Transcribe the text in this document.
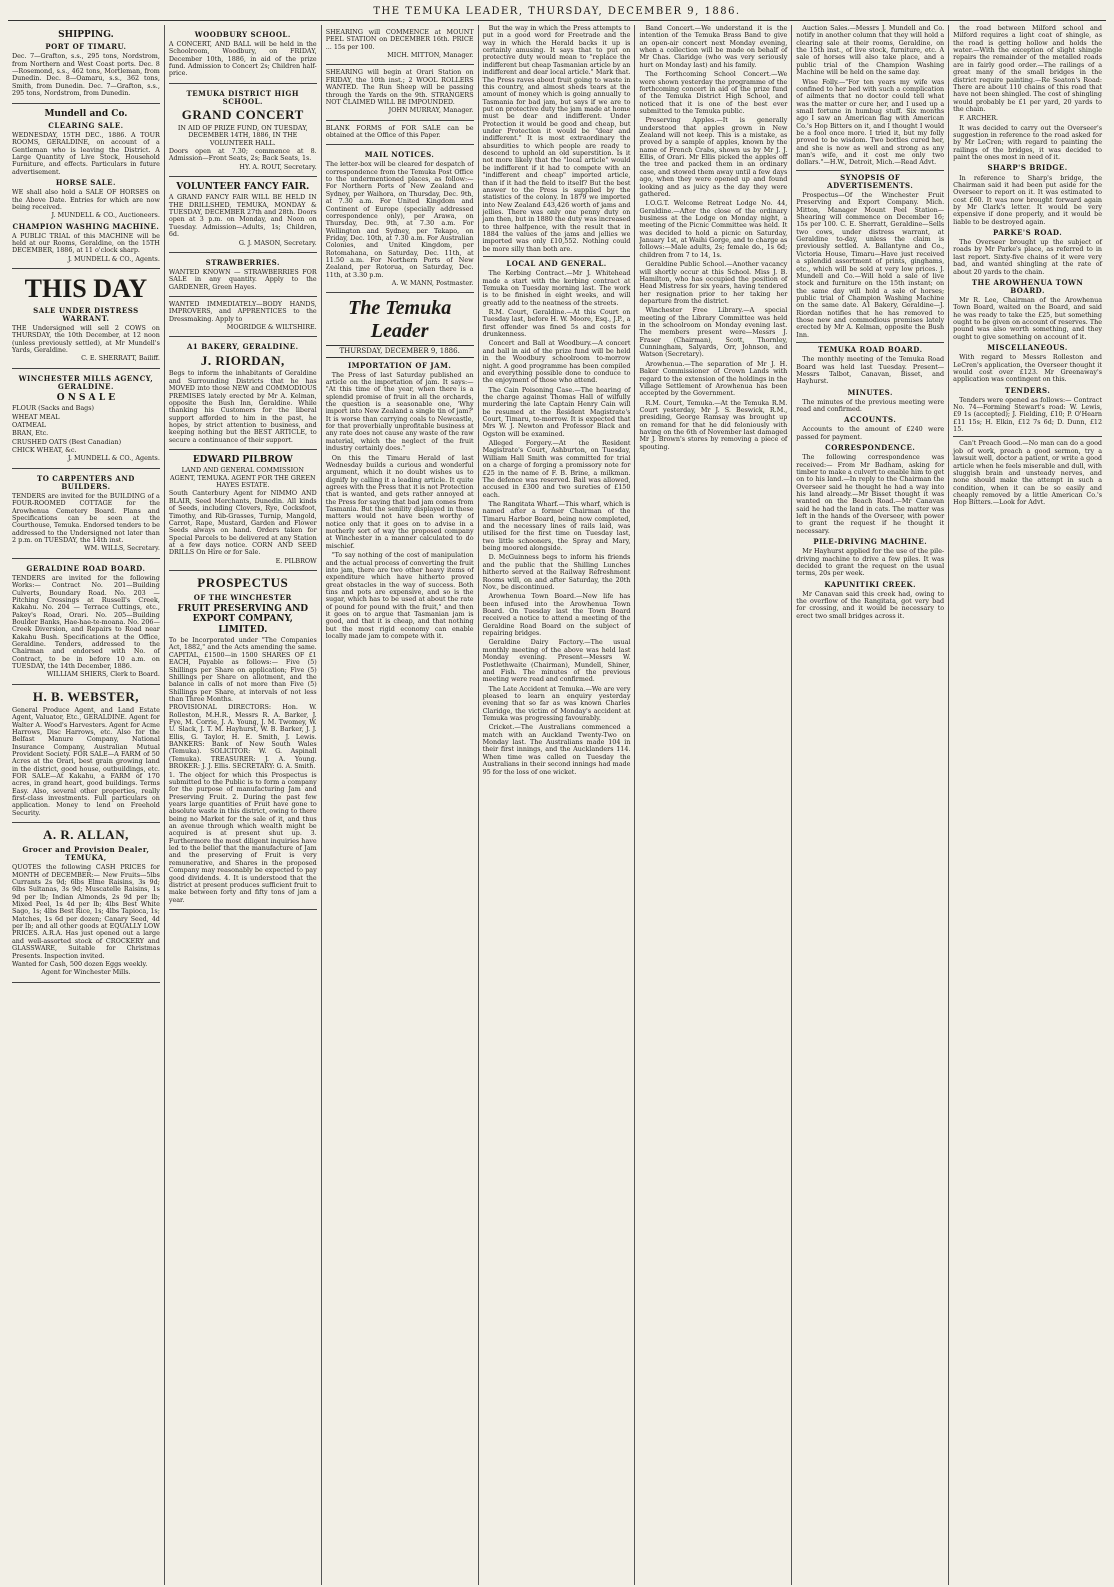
THE TEMUKA LEADER, THURSDAY, DECEMBER 9, 1886.
SHIPPING.
PORT OF TIMARU.

Dec. 7—Grafton, s.s., 295 tons, Nordstrom, from Northern and West Coast ports. Dec. 8—Rosemond, s.s., 462 tons, Mortleman, from Dunedin. Dec. 8—Oamaru, s.s., 362 tons, Smith, from Dunedin. Dec. 7—Grafton, s.s., 295 tons, Nordstrom, from Dunedin.

Mundell and Co.
CLEARING SALE.

WEDNESDAY, 15TH DEC., 1886. A TOUR ROOMS, GERALDINE, on account of a Gentleman who is leaving the District. A Large Quantity of Live Stock, Household Furniture, and effects. Particulars in future advertisement.

HORSE SALE.

WE shall also hold a SALE OF HORSES on the Above Date. Entries for which are now being received.

J. MUNDELL & CO., Auctioneers.

CHAMPION WASHING MACHINE.

A PUBLIC TRIAL of this MACHINE will be held at our Rooms, Geraldine, on the 15TH DECEMBER, 1886, at 11 o'clock sharp.

J. MUNDELL & CO., Agents.

THIS DAY
SALE UNDER DISTRESS WARRANT.

THE Undersigned will sell 2 COWS on THURSDAY, the 10th December, at 12 noon (unless previously settled), at Mr Mundell's Yards, Geraldine.

C. E. SHERRATT, Bailiff.

WINCHESTER MILLS AGENCY, GERALDINE.
O N S A L E
FLOUR (Sacks and Bags)
WHEAT MEAL
OATMEAL
BRAN, Etc.
CRUSHED OATS (Best Canadian)
CHICK WHEAT, &c.

J. MUNDELL & CO., Agents.

TO CARPENTERS AND BUILDERS.

TENDERS are invited for the BUILDING of a FOUR-ROOMED COTTAGE for the Arowhenua Cemetery Board. Plans and Specifications can be seen at the Courthouse, Temuka. Endorsed tenders to be addressed to the Undersigned not later than 2 p.m. on TUESDAY, the 14th inst.

WM. WILLS, Secretary.

GERALDINE ROAD BOARD.

TENDERS are invited for the following Works:— Contract No. 201—Building Culverts, Boundary Road. No. 203 — Pitching Crossings at Russell's Creek, Kakahu. No. 204 — Terrace Cuttings, etc., Pakey's Road, Orari. No. 205—Building Boulder Banks, Hae-hae-te-moana. No. 206—Creek Diversion, and Repairs to Road near Kakahu Bush. Specifications at the Office, Geraldine. Tenders, addressed to the Chairman and endorsed with No. of Contract, to be in before 10 a.m. on TUESDAY, the 14th December, 1886.

WILLIAM SHIERS, Clerk to Board.

H. B. WEBSTER,

General Produce Agent, and Land Estate Agent, Valuator, Etc., GERALDINE. Agent for Walter A. Wood's Harvesters. Agent for Acme Harrows, Disc Harrows, etc. Also for the Belfast Manure Company, National Insurance Company, Australian Mutual Provident Society. FOR SALE—A FARM of 50 Acres at the Orari, best grain growing land in the district, good house, outbuildings, etc. FOR SALE—At Kakahu, a FARM of 170 acres, in grand heart, good buildings. Terms Easy. Also, several other properties, really first-class investments. Full particulars on application. Money to lend on Freehold Security.

A. R. ALLAN,
Grocer and Provision Dealer, TEMUKA,

QUOTES the following CASH PRICES for MONTH of DECEMBER:— New Fruits—5lbs Currants 2s 9d; 6lbs Elme Raisins, 3s 9d; 6lbs Sultanas, 3s 9d; Muscatelle Raisins, 1s 9d per lb; Indian Almonds, 2s 9d per lb; Mixed Peel, 1s 4d per lb; 4lbs Best White Sago, 1s; 4lbs Best Rice, 1s; 4lbs Tapioca, 1s; Matches, 1s 6d per dozen; Canary Seed, 4d per lb; and all other goods at EQUALLY LOW PRICES. A.R.A. Has just opened out a large and well-assorted stock of CROCKERY and GLASSWARE, Suitable for Christmas Presents. Inspection invited.

Wanted for Cash, 500 dozen Eggs weekly.

Agent for Winchester Mills.

WOODBURY SCHOOL.

A CONCERT, AND BALL will be held in the Schoolroom, Woodbury, on FRIDAY, December 10th, 1886, in aid of the prize fund. Admission to Concert 2s; Children half-price.

TEMUKA DISTRICT HIGH SCHOOL.
GRAND CONCERT

IN AID OF PRIZE FUND, ON TUESDAY, DECEMBER 14TH, 1886, IN THE VOLUNTEER HALL.

Doors open at 7.30; commence at 8. Admission—Front Seats, 2s; Back Seats, 1s.

HY. A. ROUT, Secretary.

VOLUNTEER FANCY FAIR.

A GRAND FANCY FAIR WILL BE HELD IN THE DRILLSHED, TEMUKA, MONDAY & TUESDAY, DECEMBER 27th and 28th. Doors open at 3 p.m. on Monday, and Noon on Tuesday. Admission—Adults, 1s; Children, 6d.

G. J. MASON, Secretary.

STRAWBERRIES.

WANTED KNOWN — STRAWBERRIES FOR SALE in any quantity. Apply to the GARDENER, Green Hayes.

WANTED IMMEDIATELY—BODY HANDS, IMPROVERS, and APPRENTICES to the Dressmaking. Apply to

MOGRIDGE & WILTSHIRE.

A1 BAKERY, GERALDINE.
J. RIORDAN,

Begs to inform the inhabitants of Geraldine and Surrounding Districts that he has MOVED into those NEW and COMMODIOUS PREMISES lately erected by Mr A. Kelman, opposite the Bush Inn, Geraldine. While thanking his Customers for the liberal support afforded to him in the past, he hopes, by strict attention to business, and keeping nothing but the BEST ARTICLE, to secure a continuance of their support.

EDWARD PILBROW

LAND AND GENERAL COMMISSION AGENT, TEMUKA. AGENT FOR THE GREEN HAYES ESTATE.

South Canterbury Agent for NIMMO AND BLAIR, Seed Merchants, Dunedin. All kinds of Seeds, including Clovers, Rye, Cocksfoot, Timothy, and Rib-Grasses, Turnip, Mangold, Carrot, Rape, Mustard, Garden and Flower Seeds always on hand. Orders taken for Special Parcels to be delivered at any Station at a few days notice. CORN AND SEED DRILLS On Hire or for Sale.

E. PILBROW

PROSPECTUS
OF THE WINCHESTER
FRUIT PRESERVING AND EXPORT COMPANY, LIMITED.

To be Incorporated under "The Companies Act, 1882," and the Acts amending the same. CAPITAL, £1500—in 1500 SHARES OF £1 EACH, Payable as follows:— Five (5) Shillings per Share on application; Five (5) Shillings per Share on allotment, and the balance in calls of not more than Five (5) Shillings per Share, at intervals of not less than Three Months.

PROVISIONAL DIRECTORS: Hon. W. Rolleston, M.H.R., Messrs R. A. Barker, J. Fye, M. Corrie, J. A. Young, J. M. Twomey, W. U. Slack, J. T. M. Hayhurst, W. B. Barker, J. J. Ellis, G. Taylor, H. E. Smith, J. Lewis. BANKERS: Bank of New South Wales (Temuka). SOLICITOR: W. G. Aspinall (Temuka). TREASURER: J. A. Young. BROKER: J. J. Ellis. SECRETARY: G. A. Smith.

1. The object for which this Prospectus is submitted to the Public is to form a company for the purpose of manufacturing Jam and Preserving Fruit. 2. During the past few years large quantities of Fruit have gone to absolute waste in this district, owing to there being no Market for the sale of it, and thus an avenue through which wealth might be acquired is at present shut up. 3. Furthermore the most diligent inquiries have led to the belief that the manufacture of Jam and the preserving of Fruit is very remunerative, and Shares in the proposed Company may reasonably be expected to pay good dividends. 4. It is understood that the district at present produces sufficient fruit to make between forty and fifty tons of jam a year.

SHEARING will COMMENCE at MOUNT PEEL STATION on DECEMBER 16th. PRICE ... 15s per 100.

MICH. MITTON, Manager.

SHEARING will begin at Orari Station on FRIDAY, the 10th inst.; 2 WOOL ROLLERS WANTED. The Run Sheep will be passing through the Yards on the 9th. STRANGERS NOT CLAIMED WILL BE IMPOUNDED.

JOHN MURRAY, Manager.

BLANK FORMS of FOR SALE can be obtained at the Office of this Paper.

MAIL NOTICES.

The letter-box will be cleared for despatch of correspondence from the Temuka Post Office to the undermentioned places, as follow:— For Northern Ports of New Zealand and Sydney, per Waihora, on Thursday, Dec. 9th, at 7.30 a.m. For United Kingdom and Continent of Europe (specially addressed correspondence only), per Arawa, on Thursday, Dec. 9th, at 7.30 a.m. For Wellington and Sydney, per Tekapo, on Friday, Dec. 10th, at 7.30 a.m. For Australian Colonies, and United Kingdom, per Rotomahana, on Saturday, Dec. 11th, at 11.50 a.m. For Northern Ports of New Zealand, per Rotorua, on Saturday, Dec. 11th, at 3.30 p.m.

A. W. MANN, Postmaster.

The Temuka Leader
THURSDAY, DECEMBER 9, 1886.
IMPORTATION OF JAM.

The Press of last Saturday published an article on the importation of jam. It says:— "At this time of the year, when there is a splendid promise of fruit in all the orchards, the question is a seasonable one, 'Why import into New Zealand a single tin of jam?' It is worse than carrying coals to Newcastle, for that proverbially unprofitable business at any rate does not cause any waste of the raw material, which the neglect of the fruit industry certainly does."

On this the Timaru Herald of last Wednesday builds a curious and wonderful argument, which it no doubt wishes us to dignify by calling it a leading article. It quite agrees with the Press that it is not Protection that is wanted, and gets rather annoyed at the Press for saying that bad jam comes from Tasmania. But the senility displayed in these matters would not have been worthy of notice only that it goes on to advise in a motherly sort of way the proposed company at Winchester in a manner calculated to do mischief.

"To say nothing of the cost of manipulation and the actual process of converting the fruit into jam, there are two other heavy items of expenditure which have hitherto proved great obstacles in the way of success. Both tins and pots are expensive, and so is the sugar, which has to be used at about the rate of pound for pound with the fruit," and then it goes on to argue that Tasmanian jam is good, and that it is cheap, and that nothing but the most rigid economy can enable locally made jam to compete with it.

But the way in which the Press attempts to put in a good word for Freetrade and the way in which the Herald backs it up is certainly amusing. It says that to put on protective duty would mean to "replace the indifferent but cheap Tasmanian article by an indifferent and dear local article." Mark that. The Press raves about fruit going to waste in this country, and almost sheds tears at the amount of money which is going annually to Tasmania for bad jam, but says if we are to put on protective duty the jam made at home must be dear and indifferent. Under Protection it would be good and cheap, but under Protection it would be "dear and indifferent." It is most extraordinary the absurdities to which people are ready to descend to uphold an old superstition. Is it not more likely that the "local article" would be indifferent if it had to compete with an "indifferent and cheap" imported article, than if it had the field to itself? But the best answer to the Press is supplied by the statistics of the colony. In 1879 we imported into New Zealand £43,426 worth of jams and jellies. There was only one penny duty on jam then, but in 1880 the duty was increased to three halfpence, with the result that in 1884 the values of the jams and jellies we imported was only £10,552. Nothing could be more silly than both are.

LOCAL AND GENERAL.

The Kerbing Contract.—Mr J. Whitehead made a start with the kerbing contract at Temuka on Tuesday morning last. The work is to be finished in eight weeks, and will greatly add to the neatness of the streets.

R.M. Court, Geraldine.—At this Court on Tuesday last, before H. W. Moore, Esq., J.P., a first offender was fined 5s and costs for drunkenness.

Concert and Ball at Woodbury.—A concert and ball in aid of the prize fund will be held in the Woodbury schoolroom to-morrow night. A good programme has been compiled and everything possible done to conduce to the enjoyment of those who attend.

The Cain Poisoning Case.—The hearing of the charge against Thomas Hall of wilfully murdering the late Captain Henry Cain will be resumed at the Resident Magistrate's Court, Timaru, to-morrow. It is expected that Mrs W. J. Newton and Professor Black and Ogston will be examined.

Alleged Forgery.—At the Resident Magistrate's Court, Ashburton, on Tuesday, William Hall Smith was committed for trial on a charge of forging a promissory note for £25 in the name of F. B. Brine, a milkman. The defence was reserved. Bail was allowed, accused in £300 and two sureties of £150 each.

The Rangitata Wharf.—This wharf, which is named after a former Chairman of the Timaru Harbor Board, being now completed, and the necessary lines of rails laid, was utilised for the first time on Tuesday last, two little schooners, the Spray and Mary, being moored alongside.

D. McGuinness begs to inform his friends and the public that the Shilling Lunches hitherto served at the Railway Refreshment Rooms will, on and after Saturday, the 20th Nov., be discontinued.

Arowhenua Town Board.—New life has been infused into the Arowhenua Town Board. On Tuesday last the Town Board received a notice to attend a meeting of the Geraldine Road Board on the subject of repairing bridges.

Geraldine Dairy Factory.—The usual monthly meeting of the above was held last Monday evening. Present—Messrs W. Postlethwaite (Chairman), Mundell, Shiner, and Fish. The minutes of the previous meeting were read and confirmed.

The Late Accident at Temuka.—We are very pleased to learn an enquiry yesterday evening that so far as was known Charles Claridge, the victim of Monday's accident at Temuka was progressing favourably.

Cricket.—The Australians commenced a match with an Auckland Twenty-Two on Monday last. The Australians made 104 in their first innings, and the Aucklanders 114. When time was called on Tuesday the Australians in their second innings had made 95 for the loss of one wicket.

Band Concert.—We understand it is the intention of the Temuka Brass Band to give an open-air concert next Monday evening, when a collection will be made on behalf of Mr Chas. Claridge (who was very seriously hurt on Monday last) and his family.

The Forthcoming School Concert.—We were shown yesterday the programme of the forthcoming concert in aid of the prize fund of the Temuka District High School, and noticed that it is one of the best ever submitted to the Temuka public.

Preserving Apples.—It is generally understood that apples grown in New Zealand will not keep. This is a mistake, as proved by a sample of apples, known by the name of French Crabs, shown us by Mr J. J. Ellis, of Orari. Mr Ellis picked the apples off the tree and packed them in an ordinary case, and stowed them away until a few days ago, when they were opened up and found looking and as juicy as the day they were gathered.

I.O.G.T. Welcome Retreat Lodge No. 44, Geraldine.—After the close of the ordinary business at the Lodge on Monday night, a meeting of the Picnic Committee was held. It was decided to hold a picnic on Saturday, January 1st, at Waihi Gorge, and to charge as follows:—Male adults, 2s; female do., 1s 6d; children from 7 to 14, 1s.

Geraldine Public School.—Another vacancy will shortly occur at this School. Miss J. B. Hamilton, who has occupied the position of Head Mistress for six years, having tendered her resignation prior to her taking her departure from the district.

Winchester Free Library.—A special meeting of the Library Committee was held in the schoolroom on Monday evening last. The members present were—Messrs J. Fraser (Chairman), Scott, Thornley, Cunningham, Salyards, Orr, Johnson, and Watson (Secretary).

Arowhenua.—The separation of Mr J. H. Baker Commissioner of Crown Lands with regard to the extension of the holdings in the Village Settlement of Arowhenua has been accepted by the Government.

R.M. Court, Temuka.—At the Temuka R.M. Court yesterday, Mr J. S. Beswick, R.M., presiding, George Ramsay was brought up on remand for that he did feloniously with having on the 6th of November last damaged Mr J. Brown's stores by removing a piece of spouting.

Auction Sales.—Messrs J. Mundell and Co. notify in another column that they will hold a clearing sale at their rooms, Geraldine, on the 15th inst., of live stock, furniture, etc. A sale of horses will also take place, and a public trial of the Champion Washing Machine will be held on the same day.

Wise Folly.—"For ten years my wife was confined to her bed with such a complication of ailments that no doctor could tell what was the matter or cure her, and I used up a small fortune in humbug stuff. Six months ago I saw an American flag with American Co.'s Hop Bitters on it, and I thought I would be a fool once more. I tried it, but my folly proved to be wisdom. Two bottles cured her, and she is now as well and strong as any man's wife, and it cost me only two dollars."—H.W., Detroit, Mich.—Read Advt.

SYNOPSIS OF ADVERTISEMENTS.

Prospectus—Of the Winchester Fruit Preserving and Export Company. Mich. Mitton, Manager Mount Peel Station—Shearing will commence on December 16; 15s per 100. C. E. Sherratt, Geraldine—Sells two cows, under distress warrant, at Geraldine to-day, unless the claim is previously settled. A. Ballantyne and Co., Victoria House, Timaru—Have just received a splendid assortment of prints, ginghams, etc., which will be sold at very low prices. J. Mundell and Co.—Will hold a sale of live stock and furniture on the 15th instant; on the same day will hold a sale of horses; public trial of Champion Washing Machine on the same date. A1 Bakery, Geraldine—J. Riordan notifies that he has removed to those new and commodious premises lately erected by Mr A. Kelman, opposite the Bush Inn.

TEMUKA ROAD BOARD.

The monthly meeting of the Temuka Road Board was held last Tuesday. Present—Messrs Talbot, Canavan, Bisset, and Hayhurst.

MINUTES.

The minutes of the previous meeting were read and confirmed.

ACCOUNTS.

Accounts to the amount of £240 were passed for payment.

CORRESPONDENCE.

The following correspondence was received:— From Mr Badham, asking for timber to make a culvert to enable him to get on to his land.—In reply to the Chairman the Overseer said he thought he had a way into his land already.—Mr Bisset thought it was wanted on the Beach Road.—Mr Canavan said he had the land in cats. The matter was left in the hands of the Overseer, with power to grant the request if he thought it necessary.

PILE-DRIVING MACHINE.

Mr Hayhurst applied for the use of the pile-driving machine to drive a few piles. It was decided to grant the request on the usual terms, 20s per week.

KAPUNITIKI CREEK.

Mr Canavan said this creek had, owing to the overflow of the Rangitata, got very bad for crossing, and it would be necessary to erect two small bridges across it.

the road between Milford school and Milford requires a light coat of shingle, as the road is getting hollow and holds the water.—With the exception of slight shingle repairs the remainder of the metalled roads are in fairly good order.—The railings of a great many of the small bridges in the district require painting.—Re Seaton's Road: There are about 110 chains of this road that have not been shingled. The cost of shingling would probably be £1 per yard, 20 yards to the chain.

F. ARCHER.

It was decided to carry out the Overseer's suggestion in reference to the road asked for by Mr LeCren; with regard to painting the railings of the bridges, it was decided to paint the ones most in need of it.

SHARP'S BRIDGE.

In reference to Sharp's bridge, the Chairman said it had been put aside for the Overseer to report on it. It was estimated to cost £60. It was now brought forward again by Mr Clark's letter. It would be very expensive if done properly, and it would be liable to be destroyed again.

PARKE'S ROAD.

The Overseer brought up the subject of roads by Mr Parke's place, as referred to in last report. Sixty-five chains of it were very bad, and wanted shingling at the rate of about 20 yards to the chain.

THE AROWHENUA TOWN BOARD.

Mr R. Lee, Chairman of the Arowhenua Town Board, waited on the Board, and said he was ready to take the £25, but something ought to be given on account of reserves. The pound was also worth something, and they ought to give something on account of it.

MISCELLANEOUS.

With regard to Messrs Rolleston and LeCren's application, the Overseer thought it would cost over £123. Mr Greenaway's application was contingent on this.

TENDERS.

Tenders were opened as follows:— Contract No. 74—Forming Stewart's road: W. Lewis, £9 1s (accepted); J. Fielding, £10; P. O'Hearn £11 15s; H. Elkin, £12 7s 6d; D. Dunn, £12 15.

Can't Preach Good.—No man can do a good job of work, preach a good sermon, try a lawsuit well, doctor a patient, or write a good article when he feels miserable and dull, with sluggish brain and unsteady nerves, and none should make the attempt in such a condition, when it can be so easily and cheaply removed by a little American Co.'s Hop Bitters.—Look for Advt.
